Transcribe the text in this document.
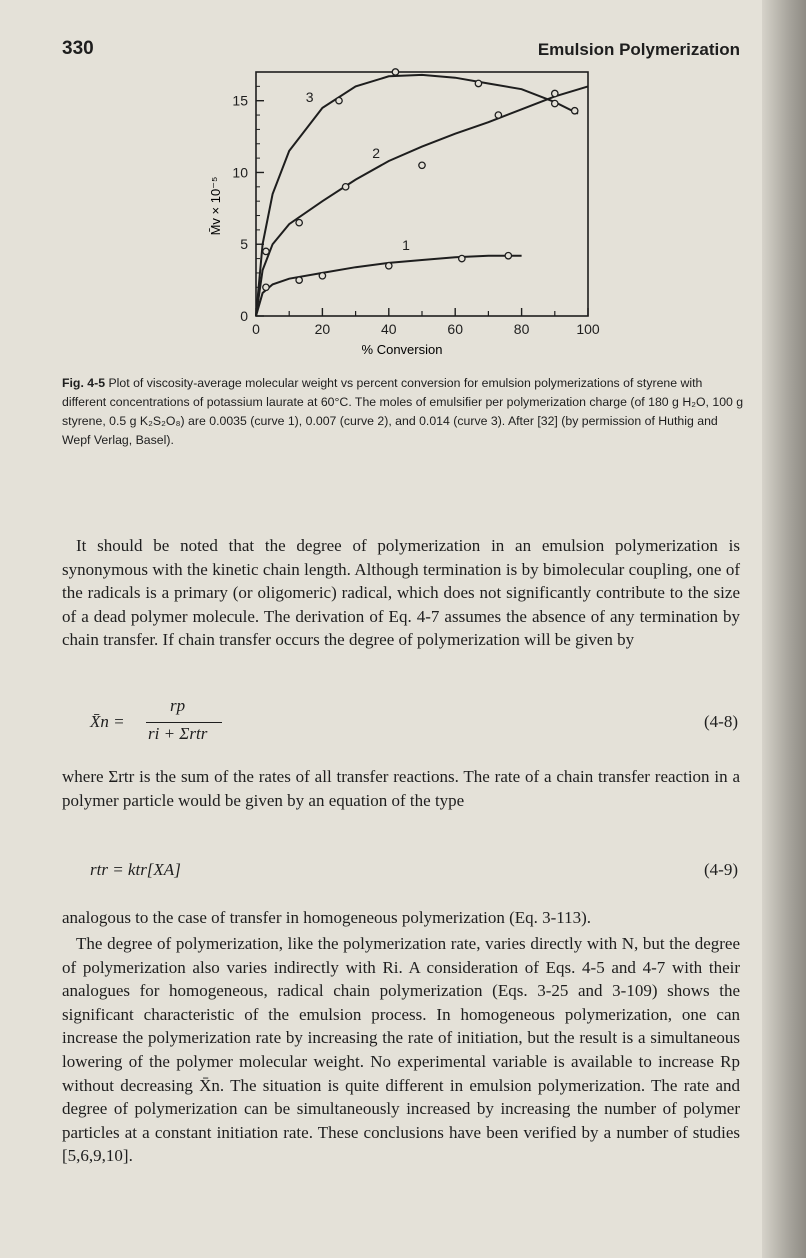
330	Emulsion Polymerization
0	20	40	60	80	100
0
5
10
15
1
2
3
M̄v × 10⁻⁵
% Conversion
Fig. 4-5 Plot of viscosity-average molecular weight vs percent conversion for emulsion polymerizations of styrene with different concentrations of potassium laurate at 60°C. The moles of emulsifier per polymerization charge (of 180 g H₂O, 100 g styrene, 0.5 g K₂S₂O₈) are 0.0035 (curve 1), 0.007 (curve 2), and 0.014 (curve 3). After [32] (by permission of Huthig and Wepf Verlag, Basel).

It should be noted that the degree of polymerization in an emulsion polymerization is synonymous with the kinetic chain length. Although termination is by bimolecular coupling, one of the radicals is a primary (or oligomeric) radical, which does not significantly contribute to the size of a dead polymer molecule. The derivation of Eq. 4-7 assumes the absence of any termination by chain transfer. If chain transfer occurs the degree of polymerization will be given by

X̄n =
rp
ri + Σrtr
(4-8)

where Σrtr is the sum of the rates of all transfer reactions. The rate of a chain transfer reaction in a polymer particle would be given by an equation of the type

rtr = ktr[XA]	(4-9)

analogous to the case of transfer in homogeneous polymerization (Eq. 3-113).

The degree of polymerization, like the polymerization rate, varies directly with N, but the degree of polymerization also varies indirectly with Ri. A consideration of Eqs. 4-5 and 4-7 with their analogues for homogeneous, radical chain polymerization (Eqs. 3-25 and 3-109) shows the significant characteristic of the emulsion process. In homogeneous polymerization, one can increase the polymerization rate by increasing the rate of initiation, but the result is a simultaneous lowering of the polymer molecular weight. No experimental variable is available to increase Rp without decreasing X̄n. The situation is quite different in emulsion polymerization. The rate and degree of polymerization can be simultaneously increased by increasing the number of polymer particles at a constant initiation rate. These conclusions have been verified by a number of studies [5,6,9,10].
